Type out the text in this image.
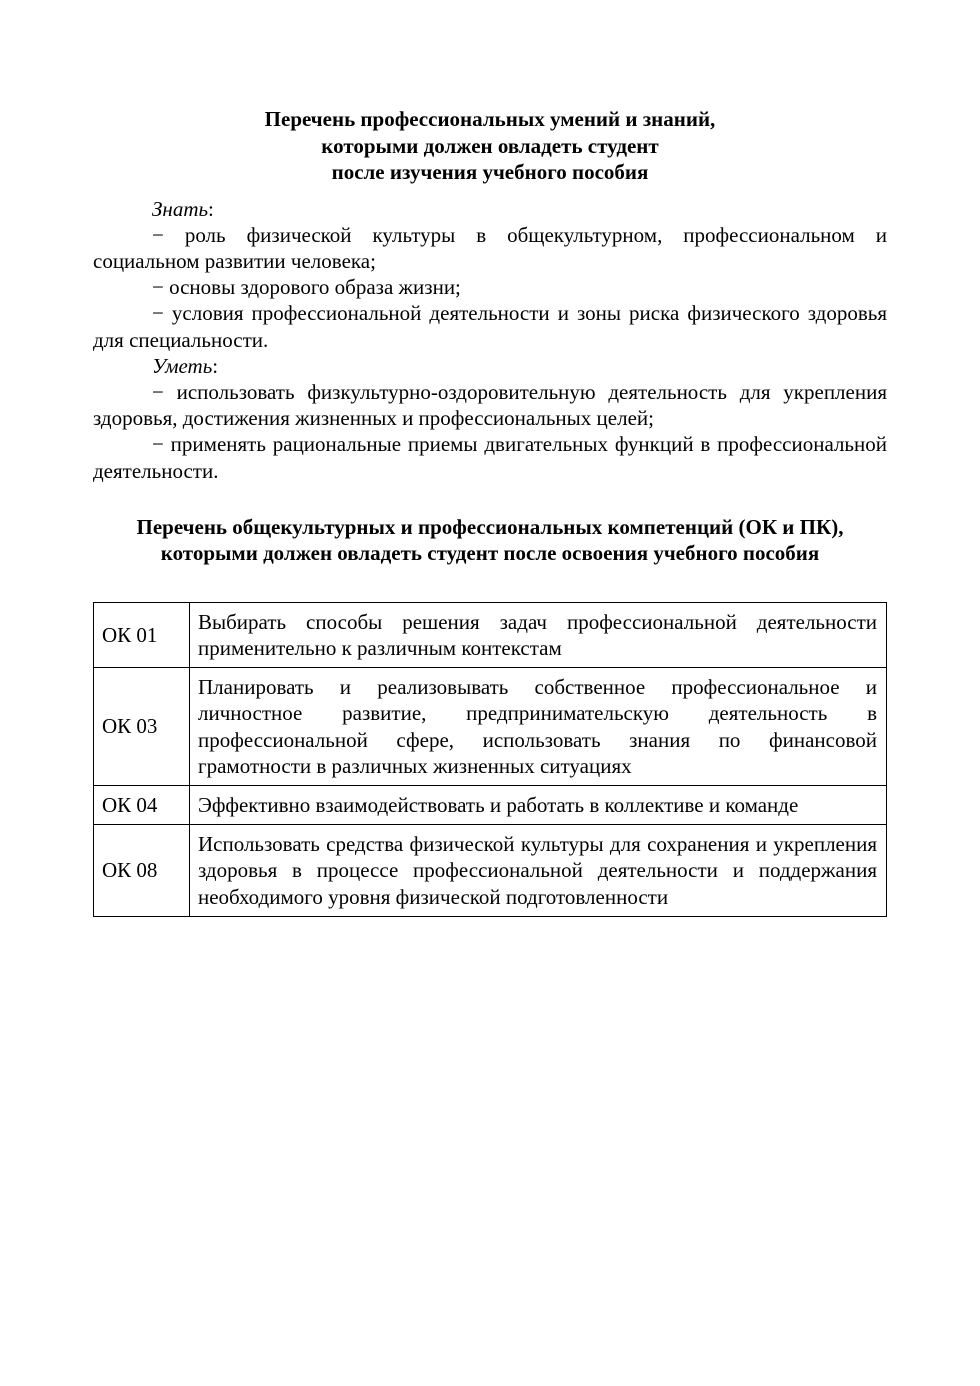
Перечень профессиональных умений и знаний,
которыми должен овладеть студент
после изучения учебного пособия

Знать:

− роль физической культуры в общекультурном, профессиональном и социальном развитии человека;

− основы здорового образа жизни;

− условия профессиональной деятельности и зоны риска физического здоровья для специальности.

Уметь:

− использовать физкультурно-оздоровительную деятельность для укрепления здоровья, достижения жизненных и профессиональных целей;

− применять рациональные приемы двигательных функций в профессиональной деятельности.

Перечень общекультурных и профессиональных компетенций (ОК и ПК),
которыми должен овладеть студент после освоения учебного пособия
ОК 01	Выбирать способы решения задач профессиональной деятельности применительно к различным контекстам
ОК 03	Планировать и реализовывать собственное профессиональное и личностное развитие, предпринимательскую деятельность в профессиональной сфере, использовать знания по финансовой грамотности в различных жизненных ситуациях
ОК 04	Эффективно взаимодействовать и работать в коллективе и команде
ОК 08	Использовать средства физической культуры для сохранения и укрепления здоровья в процессе профессиональной деятельности и поддержания необходимого уровня физической подготовленности
